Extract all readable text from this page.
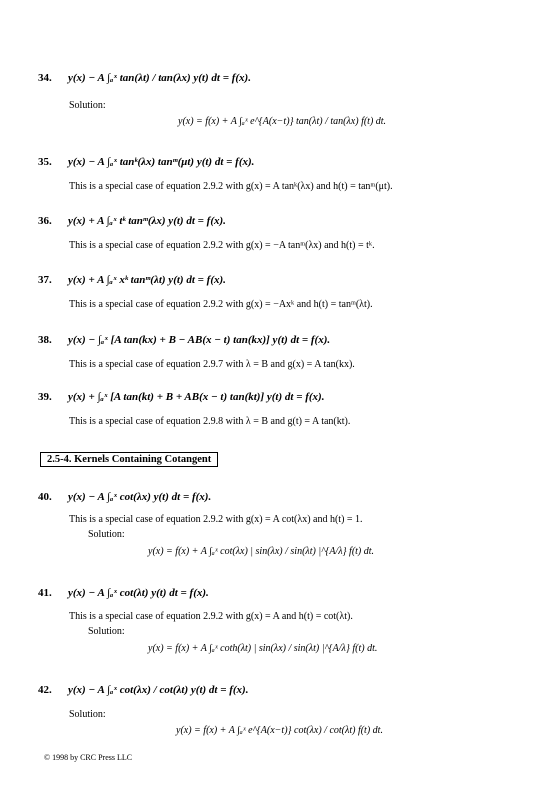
34. y(x) − A ∫ₐˣ tan(λt) / tan(λx) y(t) dt = f(x).
Solution:
y(x) = f(x) + A ∫ₐˣ e^{A(x−t)} tan(λt) / tan(λx) f(t) dt.
35. y(x) − A ∫ₐˣ tanᵏ(λx) tanᵐ(μt) y(t) dt = f(x).
This is a special case of equation 2.9.2 with g(x) = A tanᵏ(λx) and h(t) = tanᵐ(μt).
36. y(x) + A ∫ₐˣ tᵏ tanᵐ(λx) y(t) dt = f(x).
This is a special case of equation 2.9.2 with g(x) = −A tanᵐ(λx) and h(t) = tᵏ.
37. y(x) + A ∫ₐˣ xᵏ tanᵐ(λt) y(t) dt = f(x).
This is a special case of equation 2.9.2 with g(x) = −Axᵏ and h(t) = tanᵐ(λt).
38. y(x) − ∫ₐˣ [A tan(kx) + B − AB(x − t) tan(kx)] y(t) dt = f(x).
This is a special case of equation 2.9.7 with λ = B and g(x) = A tan(kx).
39. y(x) + ∫ₐˣ [A tan(kt) + B + AB(x − t) tan(kt)] y(t) dt = f(x).
This is a special case of equation 2.9.8 with λ = B and g(t) = A tan(kt).
2.5-4. Kernels Containing Cotangent
40. y(x) − A ∫ₐˣ cot(λx) y(t) dt = f(x).
This is a special case of equation 2.9.2 with g(x) = A cot(λx) and h(t) = 1.
Solution:
y(x) = f(x) + A ∫ₐˣ cot(λx) | sin(λx) / sin(λt) |^{A/λ} f(t) dt.
41. y(x) − A ∫ₐˣ cot(λt) y(t) dt = f(x).
This is a special case of equation 2.9.2 with g(x) = A and h(t) = cot(λt).
Solution:
y(x) = f(x) + A ∫ₐˣ coth(λt) | sin(λx) / sin(λt) |^{A/λ} f(t) dt.
42. y(x) − A ∫ₐˣ cot(λx) / cot(λt) y(t) dt = f(x).
Solution:
y(x) = f(x) + A ∫ₐˣ e^{A(x−t)} cot(λx) / cot(λt) f(t) dt.
© 1998 by CRC Press LLC
